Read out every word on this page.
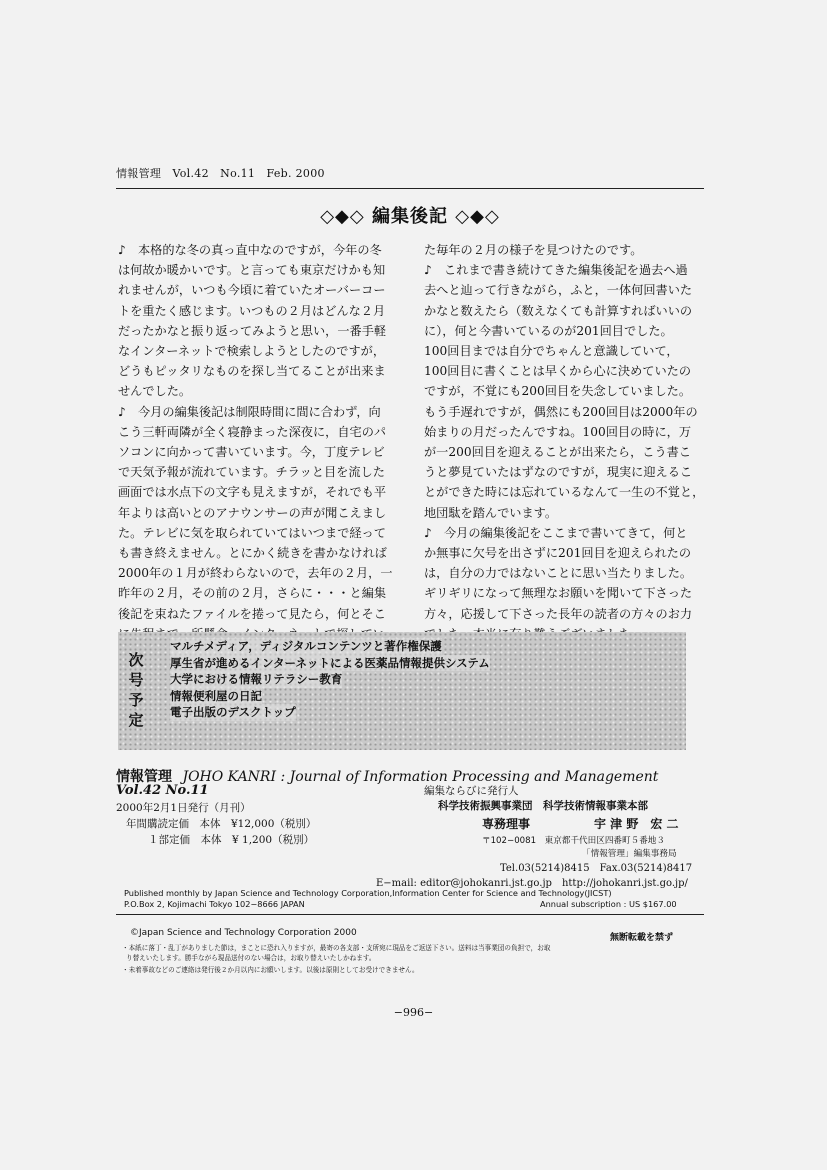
情報管理　Vol.42　No.11　Feb. 2000
◇◆◇ 編集後記 ◇◆◇
♪　本格的な冬の真っ直中なのですが，今年の冬
は何故か暖かいです。と言っても東京だけかも知
れませんが，いつも今頃に着ていたオーバーコー
トを重たく感じます。いつもの２月はどんな２月
だったかなと振り返ってみようと思い，一番手軽
なインターネットで検索しようとしたのですが，
どうもピッタリなものを探し当てることが出来ま
せんでした。
♪　今月の編集後記は制限時間に間に合わず，向
こう三軒両隣が全く寝静まった深夜に，自宅のパ
ソコンに向かって書いています。今，丁度テレビ
で天気予報が流れています。チラッと目を流した
画面では水点下の文字も見えますが，それでも平
年よりは高いとのアナウンサーの声が聞こえまし
た。テレビに気を取られていてはいつまで経って
も書き終えません。とにかく続きを書かなければ
2000年の１月が終わらないので，去年の２月，一
昨年の２月，その前の２月，さらに・・・と編集
後記を束ねたファイルを捲って見たら，何とそこ
た毎年の２月の様子を見つけたのです。
♪　これまで書き続けてきた編集後記を過去へ過
去へと辿って行きながら，ふと，一体何回書いた
かなと数えたら（数えなくても計算すればいいの
に），何と今書いているのが201回目でした。
100回目までは自分でちゃんと意識していて，
100回目に書くことは早くから心に決めていたの
ですが，不覚にも200回目を失念していました。
もう手遅れですが，偶然にも200回目は2000年の
始まりの月だったんですね。100回目の時に，万
が一200回目を迎えることが出来たら，こう書こ
うと夢見ていたはずなのですが，現実に迎えるこ
とができた時には忘れているなんて一生の不覚と，
地団駄を踏んでいます。
♪　今月の編集後記をここまで書いてきて，何と
か無事に欠号を出さずに201回目を迎えられたの
は，自分の力ではないことに思い当たりました。
ギリギリになって無理なお願いを聞いて下さった
方々，応援して下さった長年の読者の方々のお力
次号予定
マルチメディア，ディジタルコンテンツと著作権保護
厚生省が進めるインターネットによる医薬品情報提供システム
大学における情報リテラシー教育
情報便利屋の日記
電子出版のデスクトップ
情報管理 JOHO KANRI : Journal of Information Processing and Management
Vol.42 No.11
2000年2月1日発行（月刊）
年間購読定価　本体　¥12,000（税別）
１部定価　本体　¥ 1,200（税別）
編集ならびに発行人
科学技術振興事業団　科学技術情報事業本部
専務理事	宇 津 野　宏 二
〒102−0081　東京都千代田区四番町５番地３
「情報管理」編集事務局
Tel.03(5214)8415　Fax.03(5214)8417
E−mail: editor@johokanri.jst.go.jp　http://johokanri.jst.go.jp/
Published monthly by Japan Science and Technology Corporation,Information Center for Science and Technology(JICST)
P.O.Box 2, Kojimachi Tokyo 102−8666 JAPAN	Annual subscription : US $167.00
©Japan Science and Technology Corporation 2000	無断転載を禁ず
・本紙に落丁・乱丁がありました節は，まことに恐れ入りますが，最寄の各支部・支所宛に現品をご返送下さい。送料は当事業団の負担で，お取
り替えいたします。勝手ながら現品送付のない場合は，お取り替えいたしかねます。
・未着事故などのご連絡は発行後２か月以内にお願いします。以後は原則としてお受けできません。
−996−
